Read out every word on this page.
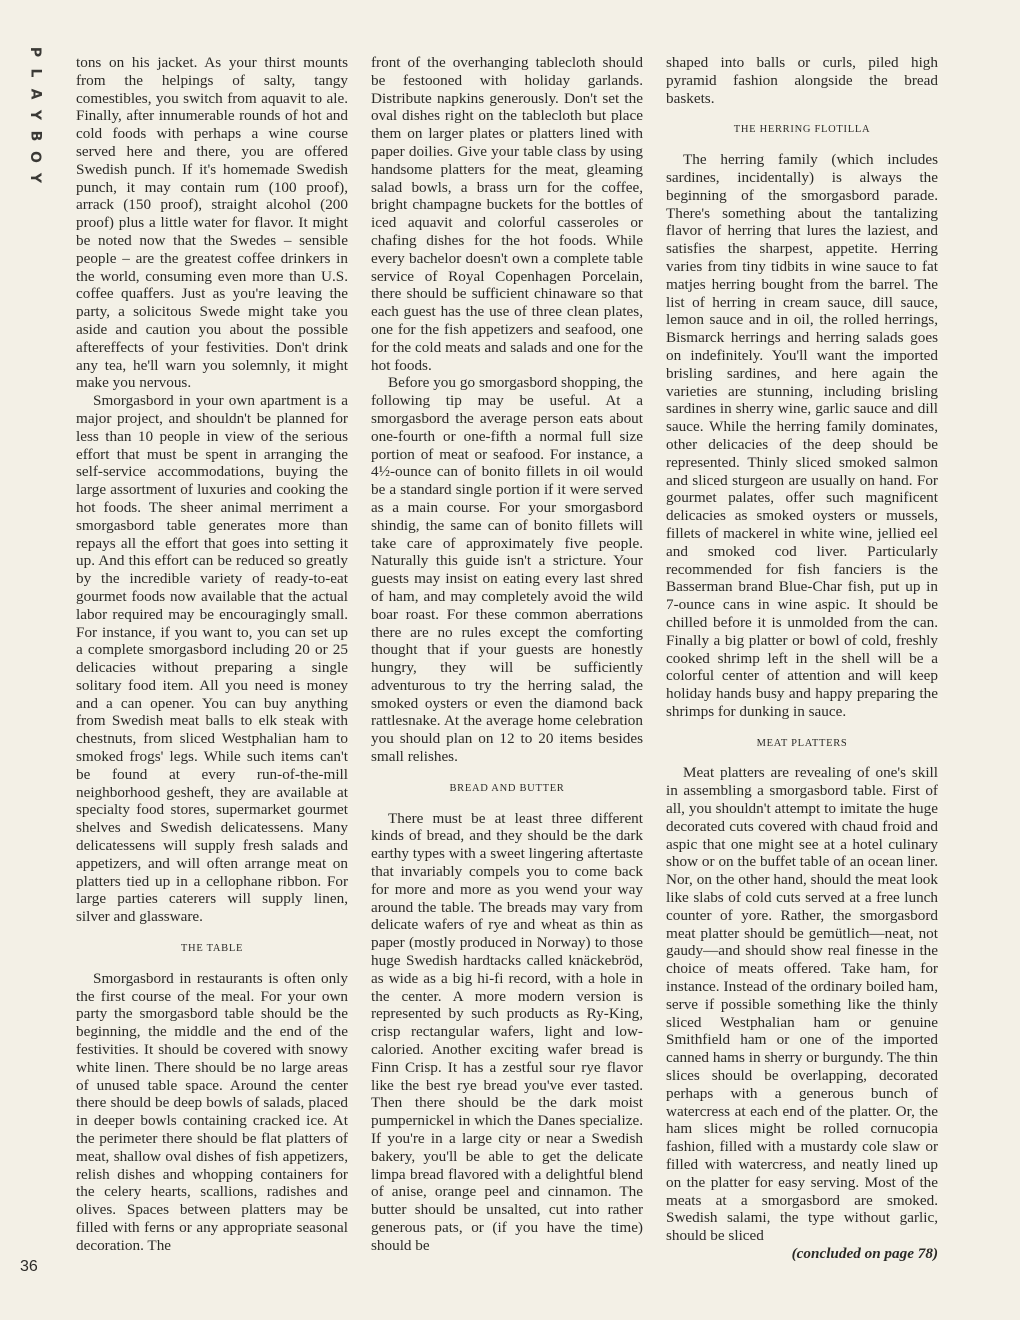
P
L
A
Y
B
O
Y
36

tons on his jacket. As your thirst mounts from the helpings of salty, tangy comestibles, you switch from aquavit to ale. Finally, after innumerable rounds of hot and cold foods with perhaps a wine course served here and there, you are offered Swedish punch. If it's homemade Swedish punch, it may contain rum (100 proof), arrack (150 proof), straight alcohol (200 proof) plus a little water for flavor. It might be noted now that the Swedes – sensible people – are the greatest coffee drinkers in the world, consuming even more than U.S. coffee quaffers. Just as you're leaving the party, a solicitous Swede might take you aside and caution you about the possible aftereffects of your festivities. Don't drink any tea, he'll warn you solemnly, it might make you nervous.

Smorgasbord in your own apartment is a major project, and shouldn't be planned for less than 10 people in view of the serious effort that must be spent in arranging the self-service accommodations, buying the large assortment of luxuries and cooking the hot foods. The sheer animal merriment a smorgasbord table generates more than repays all the effort that goes into setting it up. And this effort can be reduced so greatly by the incredible variety of ready-to-eat gourmet foods now available that the actual labor required may be encouragingly small. For instance, if you want to, you can set up a complete smorgasbord including 20 or 25 delicacies without preparing a single solitary food item. All you need is money and a can opener. You can buy anything from Swedish meat balls to elk steak with chestnuts, from sliced Westphalian ham to smoked frogs' legs. While such items can't be found at every run-of-the-mill neighborhood gesheft, they are available at specialty food stores, supermarket gourmet shelves and Swedish delicatessens. Many delicatessens will supply fresh salads and appetizers, and will often arrange meat on platters tied up in a cellophane ribbon. For large parties caterers will supply linen, silver and glassware.

THE TABLE

Smorgasbord in restaurants is often only the first course of the meal. For your own party the smorgasbord table should be the beginning, the middle and the end of the festivities. It should be covered with snowy white linen. There should be no large areas of unused table space. Around the center there should be deep bowls of salads, placed in deeper bowls containing cracked ice. At the perimeter there should be flat platters of meat, shallow oval dishes of fish appetizers, relish dishes and whopping containers for the celery hearts, scallions, radishes and olives. Spaces between platters may be filled with ferns or any appropriate seasonal decoration. The

front of the overhanging tablecloth should be festooned with holiday garlands. Distribute napkins generously. Don't set the oval dishes right on the tablecloth but place them on larger plates or platters lined with paper doilies. Give your table class by using handsome platters for the meat, gleaming salad bowls, a brass urn for the coffee, bright champagne buckets for the bottles of iced aquavit and colorful casseroles or chafing dishes for the hot foods. While every bachelor doesn't own a complete table service of Royal Copenhagen Porcelain, there should be sufficient chinaware so that each guest has the use of three clean plates, one for the fish appetizers and seafood, one for the cold meats and salads and one for the hot foods.

Before you go smorgasbord shopping, the following tip may be useful. At a smorgasbord the average person eats about one-fourth or one-fifth a normal full size portion of meat or seafood. For instance, a 4½-ounce can of bonito fillets in oil would be a standard single portion if it were served as a main course. For your smorgasbord shindig, the same can of bonito fillets will take care of approximately five people. Naturally this guide isn't a stricture. Your guests may insist on eating every last shred of ham, and may completely avoid the wild boar roast. For these common aberrations there are no rules except the comforting thought that if your guests are honestly hungry, they will be sufficiently adventurous to try the herring salad, the smoked oysters or even the diamond back rattlesnake. At the average home celebration you should plan on 12 to 20 items besides small relishes.

BREAD AND BUTTER

There must be at least three different kinds of bread, and they should be the dark earthy types with a sweet lingering aftertaste that invariably compels you to come back for more and more as you wend your way around the table. The breads may vary from delicate wafers of rye and wheat as thin as paper (mostly produced in Norway) to those huge Swedish hardtacks called knäckebröd, as wide as a big hi-fi record, with a hole in the center. A more modern version is represented by such products as Ry-King, crisp rectangular wafers, light and low-caloried. Another exciting wafer bread is Finn Crisp. It has a zestful sour rye flavor like the best rye bread you've ever tasted. Then there should be the dark moist pumpernickel in which the Danes specialize. If you're in a large city or near a Swedish bakery, you'll be able to get the delicate limpa bread flavored with a delightful blend of anise, orange peel and cinnamon. The butter should be unsalted, cut into rather generous pats, or (if you have the time) should be

shaped into balls or curls, piled high pyramid fashion alongside the bread baskets.

THE HERRING FLOTILLA

The herring family (which includes sardines, incidentally) is always the beginning of the smorgasbord parade. There's something about the tantalizing flavor of herring that lures the laziest, and satisfies the sharpest, appetite. Herring varies from tiny tidbits in wine sauce to fat matjes herring bought from the barrel. The list of herring in cream sauce, dill sauce, lemon sauce and in oil, the rolled herrings, Bismarck herrings and herring salads goes on indefinitely. You'll want the imported brisling sardines, and here again the varieties are stunning, including brisling sardines in sherry wine, garlic sauce and dill sauce. While the herring family dominates, other delicacies of the deep should be represented. Thinly sliced smoked salmon and sliced sturgeon are usually on hand. For gourmet palates, offer such magnificent delicacies as smoked oysters or mussels, fillets of mackerel in white wine, jellied eel and smoked cod liver. Particularly recommended for fish fanciers is the Basserman brand Blue-Char fish, put up in 7-ounce cans in wine aspic. It should be chilled before it is unmolded from the can. Finally a big platter or bowl of cold, freshly cooked shrimp left in the shell will be a colorful center of attention and will keep holiday hands busy and happy preparing the shrimps for dunking in sauce.

MEAT PLATTERS

Meat platters are revealing of one's skill in assembling a smorgasbord table. First of all, you shouldn't attempt to imitate the huge decorated cuts covered with chaud froid and aspic that one might see at a hotel culinary show or on the buffet table of an ocean liner. Nor, on the other hand, should the meat look like slabs of cold cuts served at a free lunch counter of yore. Rather, the smorgasbord meat platter should be gemütlich—neat, not gaudy—and should show real finesse in the choice of meats offered. Take ham, for instance. Instead of the ordinary boiled ham, serve if possible something like the thinly sliced Westphalian ham or genuine Smithfield ham or one of the imported canned hams in sherry or burgundy. The thin slices should be overlapping, decorated perhaps with a generous bunch of watercress at each end of the platter. Or, the ham slices might be rolled cornucopia fashion, filled with a mustardy cole slaw or filled with watercress, and neatly lined up on the platter for easy serving. Most of the meats at a smorgasbord are smoked. Swedish salami, the type without garlic, should be sliced

(concluded on page 78)
